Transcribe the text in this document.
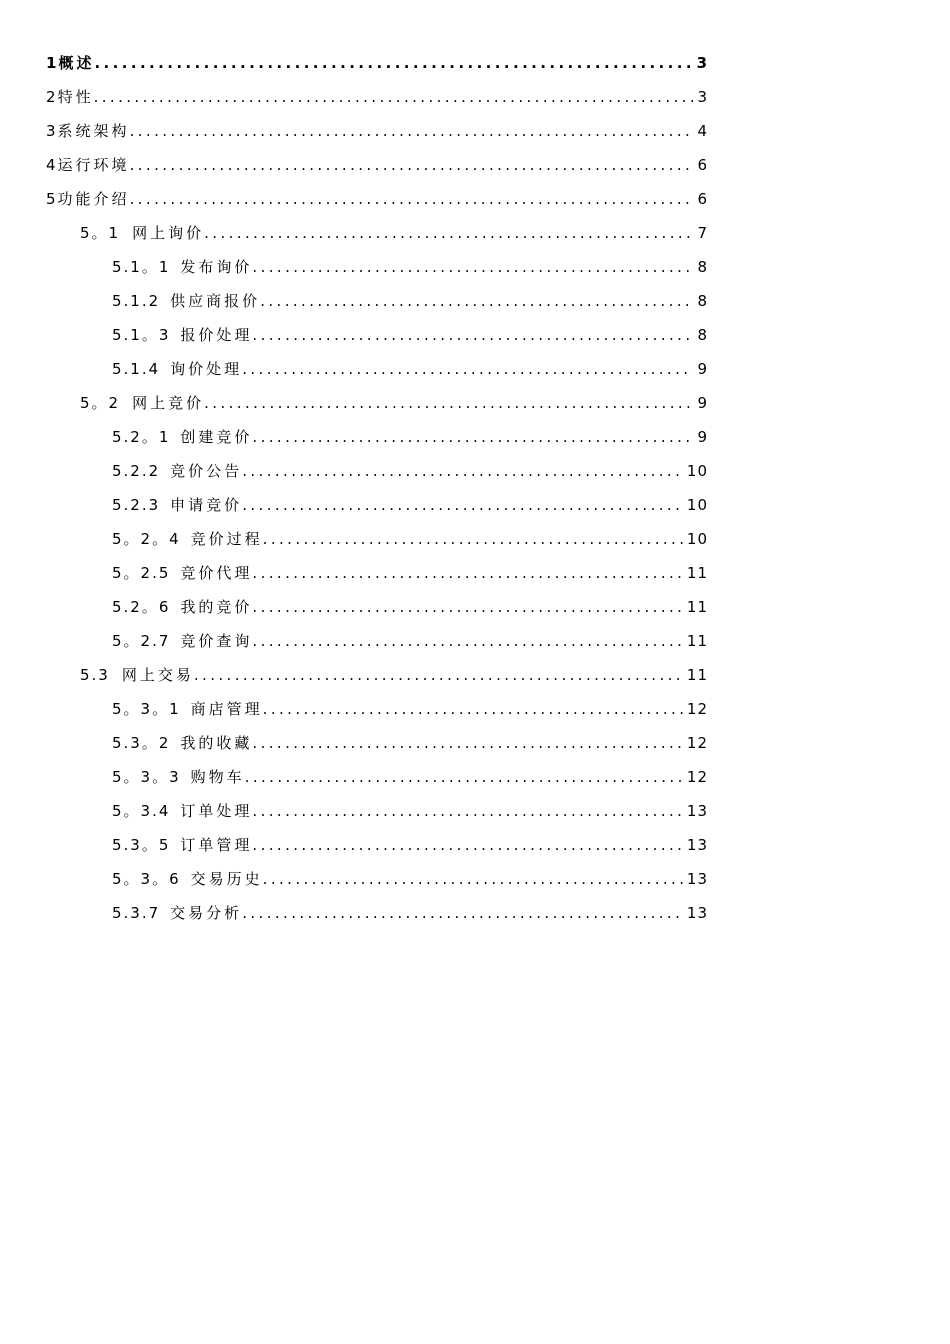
1 概述 .....	3
2 特性 .....	3
3 系统架构 .....	4
4 运行环境 .....	6
5 功能介绍 .....	6
5。1 网上询价 .....	7
5.1。1 发布询价 .....	8
5.1.2 供应商报价 .....	8
5.1。3 报价处理 .....	8
5.1.4 询价处理 .....	9
5。2 网上竞价 .....	9
5.2。1 创建竞价 .....	9
5.2.2 竞价公告 .....	10
5.2.3 申请竞价 .....	10
5。2。4 竞价过程 .....	10
5。2.5 竞价代理 .....	11
5.2。6 我的竞价 .....	11
5。2.7 竞价查询 .....	11
5.3 网上交易 .....	11
5。3。1 商店管理 .....	12
5.3。2 我的收藏 .....	12
5。3。3 购物车 .....	12
5。3.4 订单处理 .....	13
5.3。5 订单管理 .....	13
5。3。6 交易历史 .....	13
5.3.7 交易分析 .....	13
